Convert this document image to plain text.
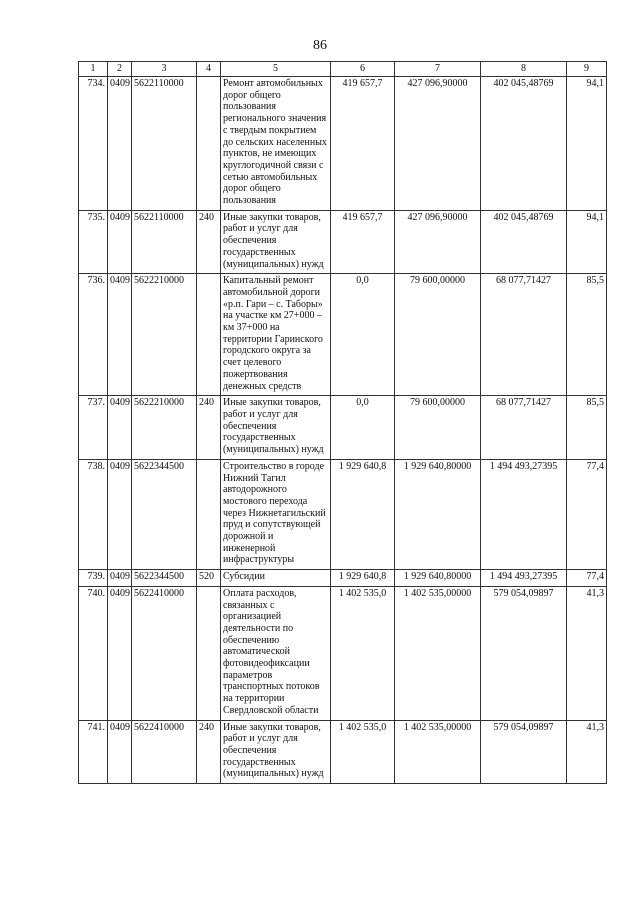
86
1	2	3	4	5	6	7	8	9
734.	0409	5622110000		Ремонт автомобильных дорог общего пользования регионального значения с твердым покрытием до сельских населенных пунктов, не имеющих круглогодичной связи с сетью автомобильных дорог общего пользования	419 657,7	427 096,90000	402 045,48769	94,1
735.	0409	5622110000	240	Иные закупки товаров, работ и услуг для обеспечения государственных (муниципальных) нужд	419 657,7	427 096,90000	402 045,48769	94,1
736.	0409	5622210000		Капитальный ремонт автомобильной дороги «р.п. Гари – с. Таборы» на участке км 27+000 – км 37+000 на территории Гаринского городского округа за счет целевого пожертвования денежных средств	0,0	79 600,00000	68 077,71427	85,5
737.	0409	5622210000	240	Иные закупки товаров, работ и услуг для обеспечения государственных (муниципальных) нужд	0,0	79 600,00000	68 077,71427	85,5
738.	0409	5622344500		Строительство в городе Нижний Тагил автодорожного мостового перехода через Нижнетагильский пруд и сопутствующей дорожной и инженерной инфраструктуры	1 929 640,8	1 929 640,80000	1 494 493,27395	77,4
739.	0409	5622344500	520	Субсидии	1 929 640,8	1 929 640,80000	1 494 493,27395	77,4
740.	0409	5622410000		Оплата расходов, связанных с организацией деятельности по обеспечению автоматической фотовидеофиксации параметров транспортных потоков на территории Свердловской области	1 402 535,0	1 402 535,00000	579 054,09897	41,3
741.	0409	5622410000	240	Иные закупки товаров, работ и услуг для обеспечения государственных (муниципальных) нужд	1 402 535,0	1 402 535,00000	579 054,09897	41,3
